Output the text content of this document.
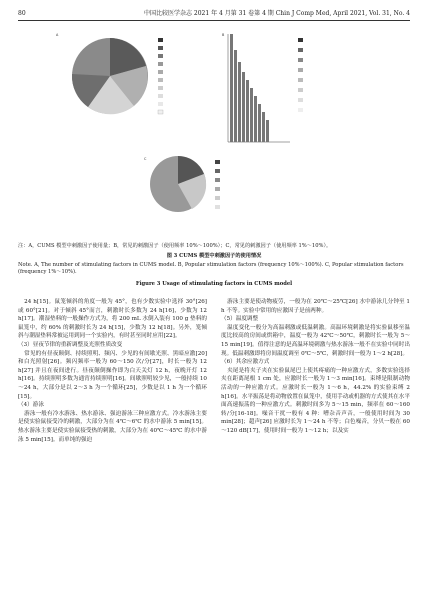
80	中国比较医学杂志 2021 年 4 月第 31 卷第 4 期 Chin J Comp Med, April 2021, Vol. 31, No. 4
A	B
C
注：A，CUMS 模型中刺激因子使用量；B，常见的刺激因子（使用频率 10%～100%）；C，常见的刺激因子（使用频率 1%～10%）。
图 3 CUMS 模型中刺激因子的使用情况
Note. A, The number of stimulating factors in CUMS model. B, Popular stimulation factors (frequency 10%～100%). C, Popular stimulation factors (frequency 1%～10%).
Figure 3 Usage of stimulating factors in CUMS model

24 h[15]。鼠笼倾斜的角度一般为 45°，也有少数实验中选择 30°[26] 或 60°[21]。对于倾斜 45°而言，刺激时长多数为 24 h[16]，少数为 12 h[17]。潮湿垫料的一般操作方式为，将 200 mL 水倒入装有 100 g 垫料的鼠笼中，约 60% 的刺激时长为 24 h[15]，少数为 12 h[18]。另外，笼倾斜与潮湿垫料常被运用到同一个实验内，有时甚至同时应用[22]。

（3）昼夜节律的重新调整及光照性质改变

常见的有昼夜颠倒、持续照明、频闪、少见的有间歇光照、黑暗应激[20] 和白光照射[26]。频闪频率一般为 60～150 次/分[27]，时长一般为 12 h[27] 并且在夜间进行。昼夜颠倒操作即为白天关灯 12 h，夜晚开灯 12 h[16]。持续照明多数为通宵持续照明[16]。间歇照明较少见，一般持续 10～24 h，大部分是以 2～3 h 为一个循环[25]，少数是以 1 h 为一个循环[15]。

（4）游泳

游泳一般有冷水游泳、热水游泳、强迫游泳三种应激方式。冷水游泳主要是使实验鼠接受冷的刺激，大部分为在 4℃～6℃ 的水中游泳 5 min[15]。热水游泳主要是使实验鼠接受热的刺激，大部分为在 40℃～45℃ 的水中游泳 5 min[15]。而单纯的强迫

游泳主要是使动物疲劳，一般为在 20℃～25℃[26] 水中游泳几分钟至 1 h 不等。实验中常用的应激因子是前两种。

（5）温度调整

温度变化一般分为高温刺激或低温刺激。高温环境刺激是将实验鼠移至温度比较高的房间或烘箱中，温度一般为 42℃～50℃，刺激时长一般为 5～15 min[19]。值得注意的是高温环境刺激与热水游泳一般不在实验中同时出现。低温刺激即将房间温度调至 0℃～5℃，刺激时间一般为 1～2 h[28]。

（6）其余应激方式

夹尾是将夹子夹在实验鼠尾巴上使其疼痛的一种应激方式，多数实验选择夹在距离尾根 1 cm 处，应激时长一般为 1～3 min[16]。束缚是限制动物活动的一种应激方式。应激时长一般为 1～6 h，44.2% 的实验束缚 2 h[16]。水平振荡是将动物放置在鼠笼中，使用手动或机器的方式使其在水平面高速振荡的一种应激方式。刺激时间多为 5～15 min，频率在 60～160 转/分[16-18]。噪音干扰一般有 4 种：嘈杂音声音，一般使用时间为 30 min[28]；超声[26] 应激时长为 1～24 h 不等；白色噪音，分贝一般在 60～120 dB[17]，使用时间一般为 1～12 h；以及实
